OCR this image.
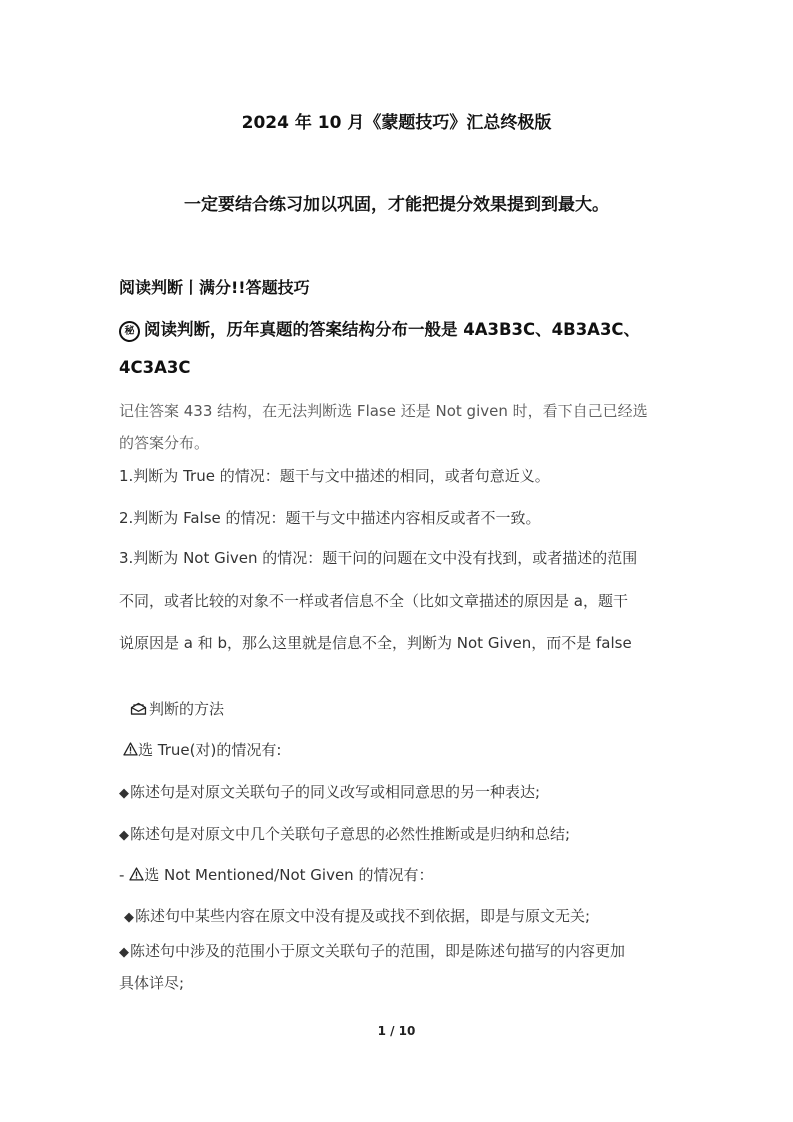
2024 年 10 月《蒙题技巧》汇总终极版

一定要结合练习加以巩固，才能把提分效果提到到最大。

阅读判断丨满分!!答题技巧

秘 阅读判断，历年真题的答案结构分布一般是 4A3B3C、4B3A3C、

4C3A3C

记住答案 433 结构，在无法判断选 Flase 还是 Not given 时，看下自己已经选

的答案分布。

1.判断为 True 的情况：题干与文中描述的相同，或者句意近义。

2.判断为 False 的情况：题干与文中描述内容相反或者不一致。

3.判断为 Not Given 的情况：题干问的问题在文中没有找到，或者描述的范围

不同，或者比较的对象不一样或者信息不全（比如文章描述的原因是 a，题干

说原因是 a 和 b，那么这里就是信息不全，判断为 Not Given，而不是 false

判断的方法

选 True(对)的情况有:

◆陈述句是对原文关联句子的同义改写或相同意思的另一种表达;

◆陈述句是对原文中几个关联句子意思的必然性推断或是归纳和总结;

- 选 Not Mentioned/Not Given 的情况有：

◆陈述句中某些内容在原文中没有提及或找不到依据，即是与原文无关;

◆陈述句中涉及的范围小于原文关联句子的范围，即是陈述句描写的内容更加

具体详尽;

1 / 10
